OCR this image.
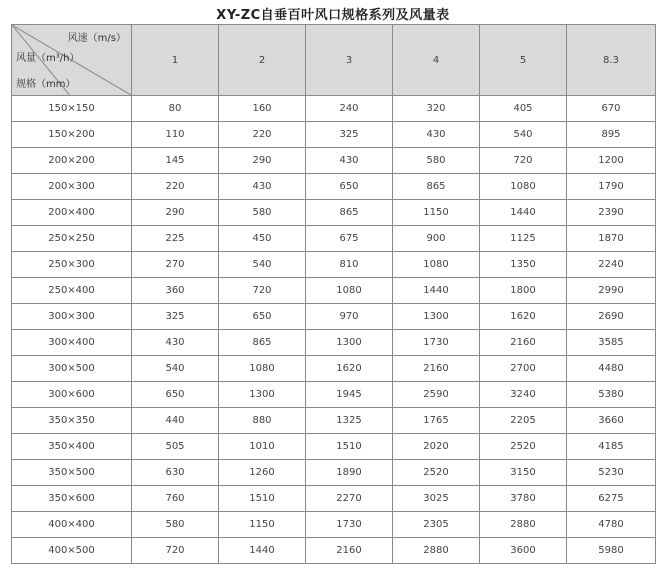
XY-ZC自垂百叶风口规格系列及风量表
风速（m/s）
风量（m³/h）
规格（mm）	1	2	3	4	5	8.3
150×150	80	160	240	320	405	670
150×200	110	220	325	430	540	895
200×200	145	290	430	580	720	1200
200×300	220	430	650	865	1080	1790
200×400	290	580	865	1150	1440	2390
250×250	225	450	675	900	1125	1870
250×300	270	540	810	1080	1350	2240
250×400	360	720	1080	1440	1800	2990
300×300	325	650	970	1300	1620	2690
300×400	430	865	1300	1730	2160	3585
300×500	540	1080	1620	2160	2700	4480
300×600	650	1300	1945	2590	3240	5380
350×350	440	880	1325	1765	2205	3660
350×400	505	1010	1510	2020	2520	4185
350×500	630	1260	1890	2520	3150	5230
350×600	760	1510	2270	3025	3780	6275
400×400	580	1150	1730	2305	2880	4780
400×500	720	1440	2160	2880	3600	5980
